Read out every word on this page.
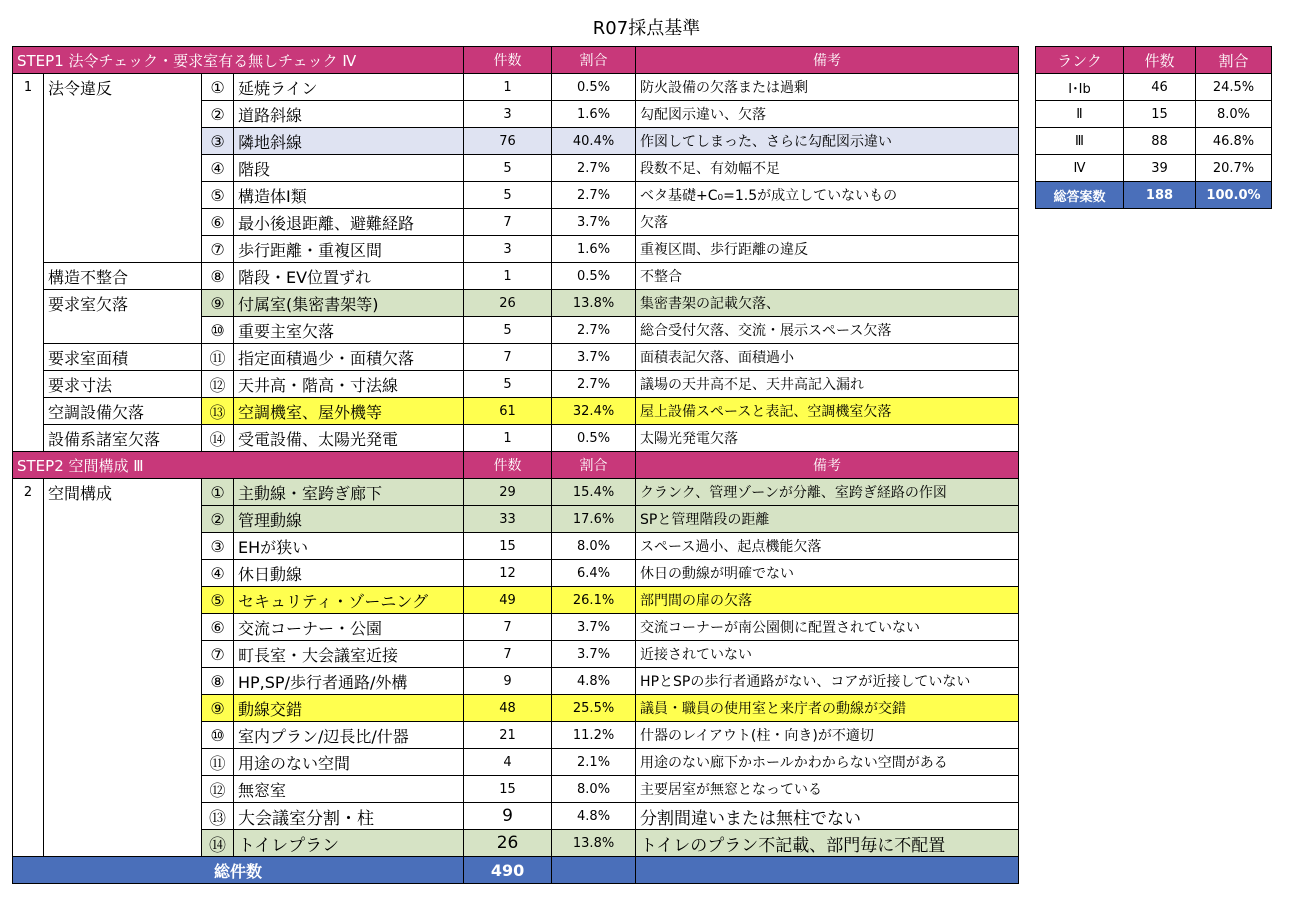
R07採点基準
STEP1 法令チェック・要求室有る無しチェック Ⅳ				件数	割合	備考
1	法令違反	①	延焼ライン	1	0.5%	防火設備の欠落または過剰
		②	道路斜線	3	1.6%	勾配図示違い、欠落
		③	隣地斜線	76	40.4%	作図してしまった、さらに勾配図示違い
		④	階段	5	2.7%	段数不足、有効幅不足
		⑤	構造体Ⅰ類	5	2.7%	ベタ基礎+C₀=1.5が成立していないもの
		⑥	最小後退距離、避難経路	7	3.7%	欠落
		⑦	歩行距離・重複区間	3	1.6%	重複区間、歩行距離の違反
	構造不整合	⑧	階段・EV位置ずれ	1	0.5%	不整合
	要求室欠落	⑨	付属室(集密書架等)	26	13.8%	集密書架の記載欠落、
		⑩	重要主室欠落	5	2.7%	総合受付欠落、交流・展示スペース欠落
	要求室面積	⑪	指定面積過少・面積欠落	7	3.7%	面積表記欠落、面積過小
	要求寸法	⑫	天井高・階高・寸法線	5	2.7%	議場の天井高不足、天井高記入漏れ
	空調設備欠落	⑬	空調機室、屋外機等	61	32.4%	屋上設備スペースと表記、空調機室欠落
	設備系諸室欠落	⑭	受電設備、太陽光発電	1	0.5%	太陽光発電欠落
STEP2 空間構成 Ⅲ				件数	割合	備考
2	空間構成	①	主動線・室跨ぎ廊下	29	15.4%	クランク、管理ゾーンが分離、室跨ぎ経路の作図
		②	管理動線	33	17.6%	SPと管理階段の距離
		③	EHが狭い	15	8.0%	スペース過小、起点機能欠落
		④	休日動線	12	6.4%	休日の動線が明確でない
		⑤	セキュリティ・ゾーニング	49	26.1%	部門間の扉の欠落
		⑥	交流コーナー・公園	7	3.7%	交流コーナーが南公園側に配置されていない
		⑦	町長室・大会議室近接	7	3.7%	近接されていない
		⑧	HP,SP/歩行者通路/外構	9	4.8%	HPとSPの歩行者通路がない、コアが近接していない
		⑨	動線交錯	48	25.5%	議員・職員の使用室と来庁者の動線が交錯
		⑩	室内プラン/辺長比/什器	21	11.2%	什器のレイアウト(柱・向き)が不適切
		⑪	用途のない空間	4	2.1%	用途のない廊下かホールかわからない空間がある
		⑫	無窓室	15	8.0%	主要居室が無窓となっている
		⑬	大会議室分割・柱	9	4.8%	分割間違いまたは無柱でない
		⑭	トイレプラン	26	13.8%	トイレのプラン不記載、部門毎に不配置
総件数				490		
ランク	件数	割合
Ⅰ･Ⅰb	46	24.5%
Ⅱ	15	8.0%
Ⅲ	88	46.8%
Ⅳ	39	20.7%
総答案数	188	100.0%
